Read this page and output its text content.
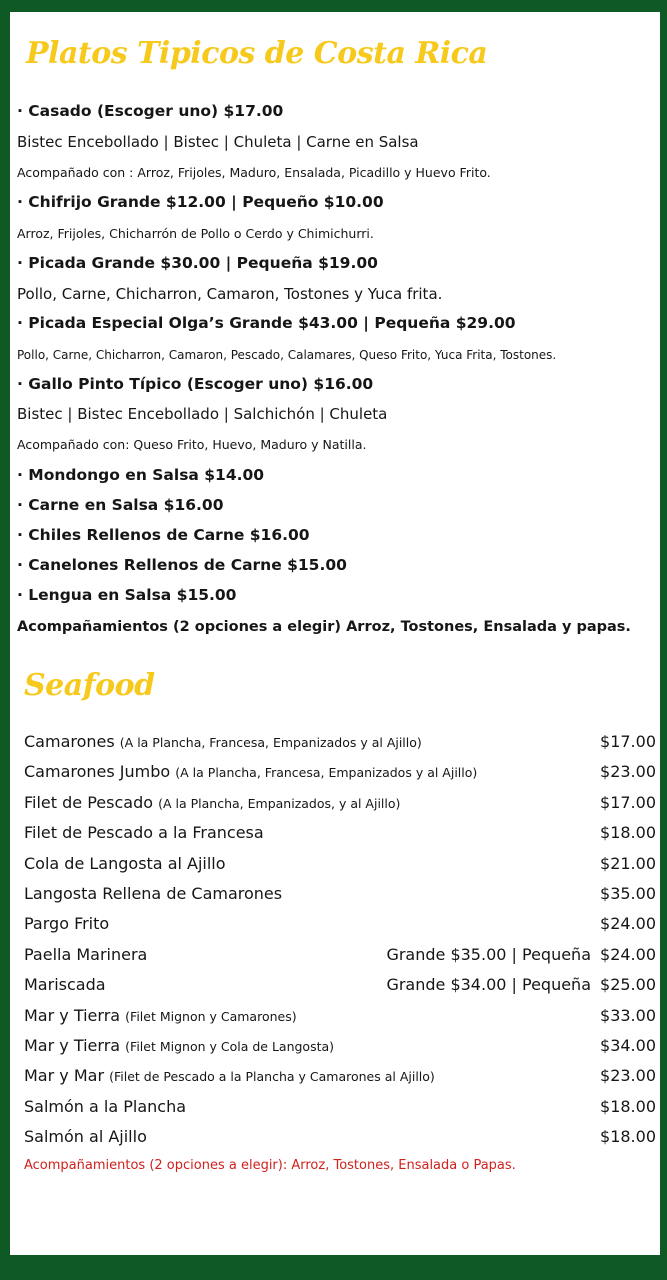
Platos Tipicos de Costa Rica
· Casado (Escoger uno) $17.00
Bistec Encebollado | Bistec | Chuleta | Carne en Salsa
Acompañado con : Arroz, Frijoles, Maduro, Ensalada, Picadillo y Huevo Frito.
· Chifrijo Grande $12.00 | Pequeño $10.00
Arroz, Frijoles, Chicharrón de Pollo o Cerdo y Chimichurri.
· Picada Grande $30.00 | Pequeña $19.00
Pollo, Carne, Chicharron, Camaron, Tostones y Yuca frita.
· Picada Especial Olga’s Grande $43.00 | Pequeña $29.00
Pollo, Carne, Chicharron, Camaron, Pescado, Calamares, Queso Frito, Yuca Frita, Tostones.
· Gallo Pinto Típico (Escoger uno) $16.00
Bistec | Bistec Encebollado | Salchichón | Chuleta
Acompañado con: Queso Frito, Huevo, Maduro y Natilla.
· Mondongo en Salsa $14.00
· Carne en Salsa $16.00
· Chiles Rellenos de Carne $16.00
· Canelones Rellenos de Carne $15.00
· Lengua en Salsa $15.00
Acompañamientos (2 opciones a elegir) Arroz, Tostones, Ensalada y papas.
Seafood
Camarones (A la Plancha, Francesa, Empanizados y al Ajillo)	$17.00
Camarones Jumbo (A la Plancha, Francesa, Empanizados y al Ajillo)	$23.00
Filet de Pescado (A la Plancha, Empanizados, y al Ajillo)	$17.00
Filet de Pescado a la Francesa	$18.00
Cola de Langosta al Ajillo	$21.00
Langosta Rellena de Camarones	$35.00
Pargo Frito	$24.00
Paella Marinera	Grande $35.00 | Pequeña $24.00
Mariscada	Grande $34.00 | Pequeña $25.00
Mar y Tierra (Filet Mignon y Camarones)	$33.00
Mar y Tierra (Filet Mignon y Cola de Langosta)	$34.00
Mar y Mar (Filet de Pescado a la Plancha y Camarones al Ajillo)	$23.00
Salmón a la Plancha	$18.00
Salmón al Ajillo	$18.00
Acompañamientos (2 opciones a elegir): Arroz, Tostones, Ensalada o Papas.
